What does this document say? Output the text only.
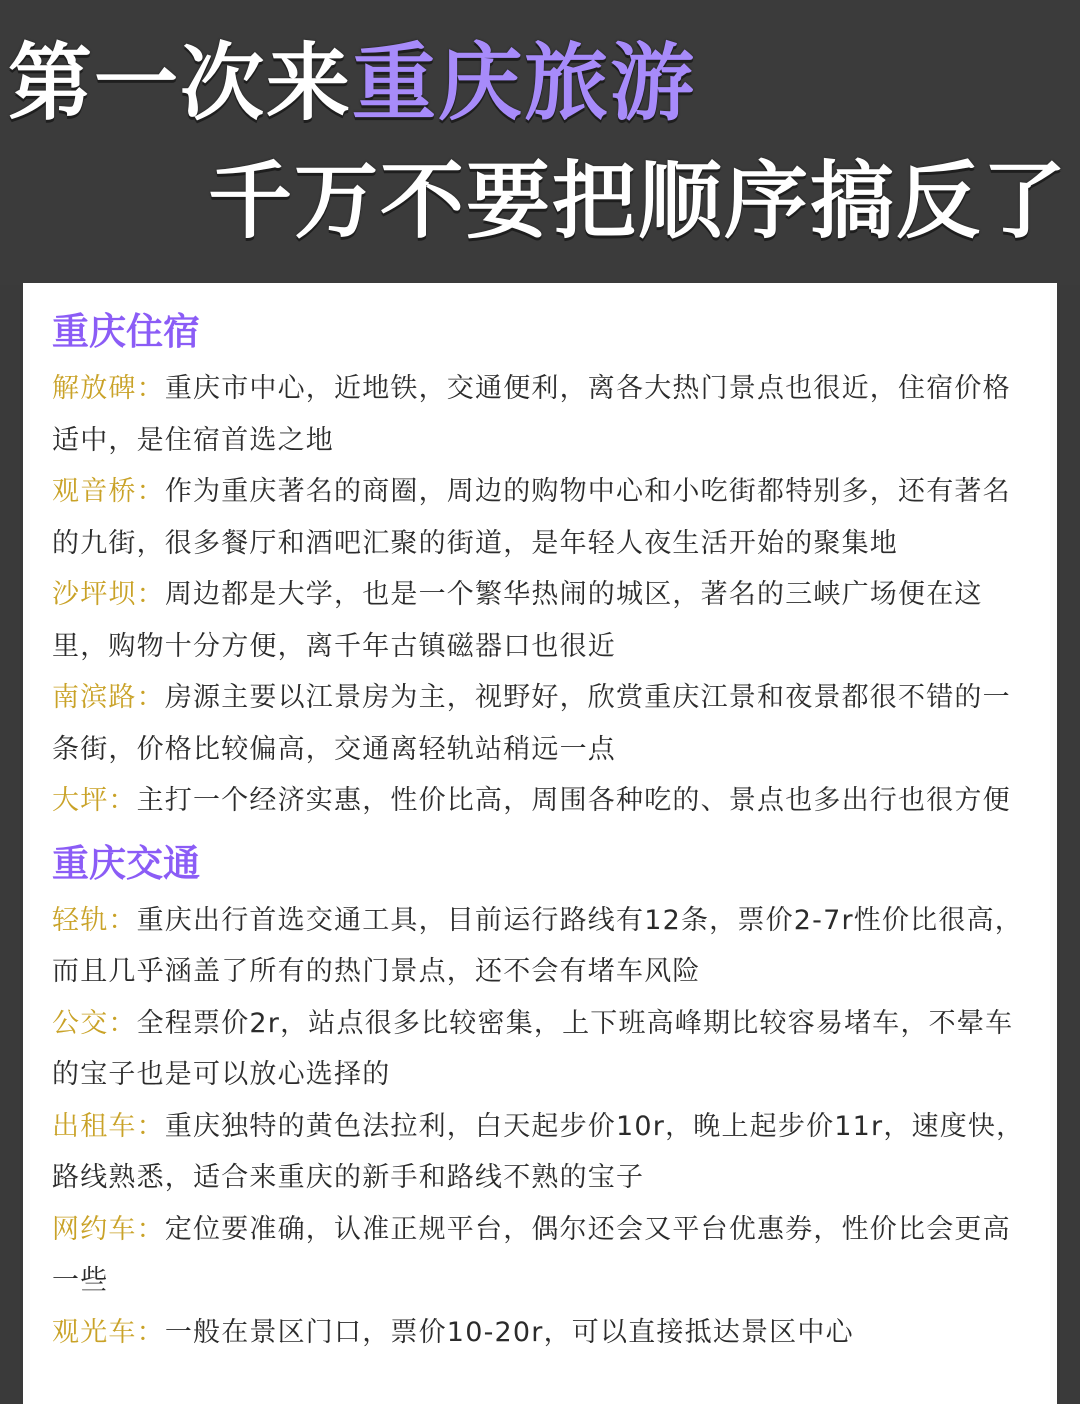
第一次来重庆旅游
千万不要把顺序搞反了
重庆住宿
解放碑：重庆市中心，近地铁，交通便利，离各大热门景点也很近，住宿价格适中，是住宿首选之地
观音桥：作为重庆著名的商圈，周边的购物中心和小吃街都特别多，还有著名的九街，很多餐厅和酒吧汇聚的街道，是年轻人夜生活开始的聚集地
沙坪坝：周边都是大学，也是一个繁华热闹的城区，著名的三峡广场便在这里，购物十分方便，离千年古镇磁器口也很近
南滨路：房源主要以江景房为主，视野好，欣赏重庆江景和夜景都很不错的一条街，价格比较偏高，交通离轻轨站稍远一点
大坪：主打一个经济实惠，性价比高，周围各种吃的、景点也多出行也很方便
重庆交通
轻轨：重庆出行首选交通工具，目前运行路线有12条，票价2-7r性价比很高，而且几乎涵盖了所有的热门景点，还不会有堵车风险
公交：全程票价2r，站点很多比较密集，上下班高峰期比较容易堵车，不晕车的宝子也是可以放心选择的
出租车：重庆独特的黄色法拉利，白天起步价10r，晚上起步价11r，速度快，路线熟悉，适合来重庆的新手和路线不熟的宝子
网约车：定位要准确，认准正规平台，偶尔还会又平台优惠券，性价比会更高一些
观光车：一般在景区门口，票价10-20r，可以直接抵达景区中心
